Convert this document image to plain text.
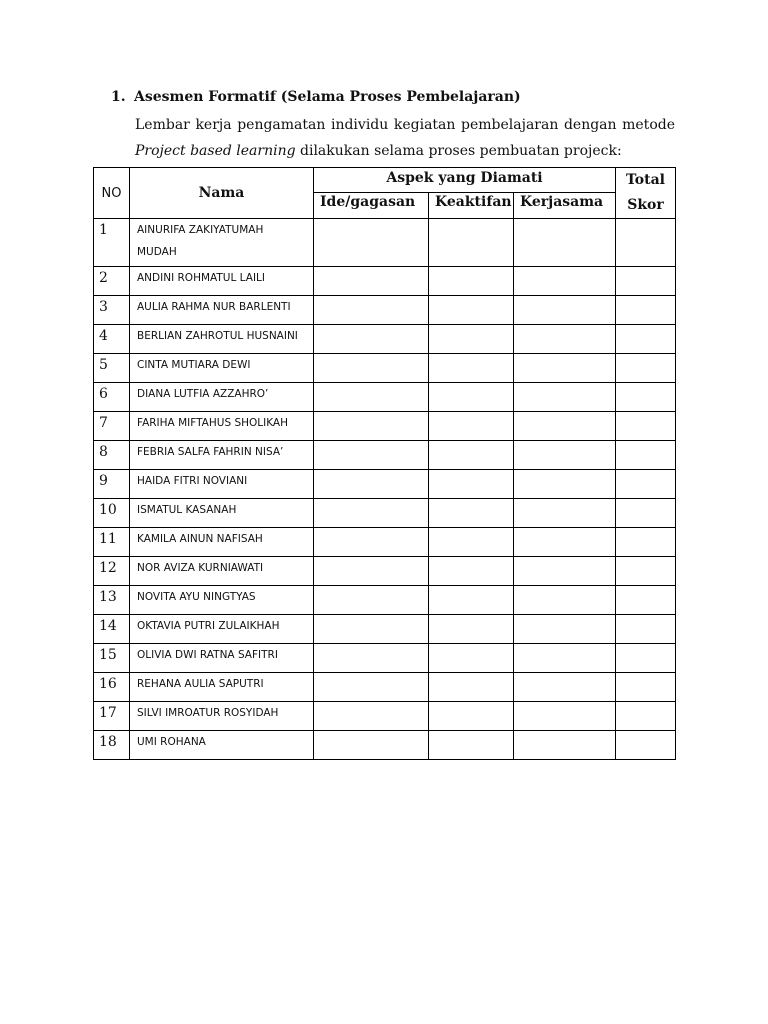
1. Asesmen Formatif (Selama Proses Pembelajaran)
Lembar kerja pengamatan individu kegiatan pembelajaran dengan metode
Project based learning dilakukan selama proses pembuatan projeck:
NO	Nama	Aspek yang Diamati			Total
Skor

		Ide/gagasan	Keaktifan	Kerjasama	
1	AINURIFA ZAKIYATUMAH
MUDAH				

2	ANDINI ROHMATUL LAILI				

3	AULIA RAHMA NUR BARLENTI				

4	BERLIAN ZAHROTUL HUSNAINI				

5	CINTA MUTIARA DEWI				

6	DIANA LUTFIA AZZAHRO’				

7	FARIHA MIFTAHUS SHOLIKAH				

8	FEBRIA SALFA FAHRIN NISA’				

9	HAIDA FITRI NOVIANI				

10	ISMATUL KASANAH				

11	KAMILA AINUN NAFISAH				

12	NOR AVIZA KURNIAWATI				

13	NOVITA AYU NINGTYAS				

14	OKTAVIA PUTRI ZULAIKHAH				

15	OLIVIA DWI RATNA SAFITRI				

16	REHANA AULIA SAPUTRI				

17	SILVI IMROATUR ROSYIDAH				

18	UMI ROHANA				
